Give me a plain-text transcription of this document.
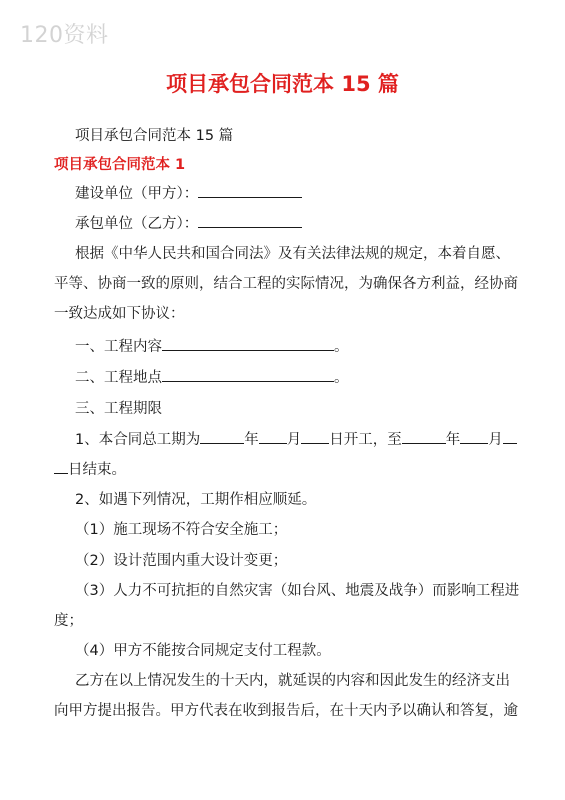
120资料
项目承包合同范本 15 篇
项目承包合同范本 15 篇
项目承包合同范本 1
建设单位（甲方）：
承包单位（乙方）：
根据《中华人民共和国合同法》及有关法律法规的规定，本着自愿、
平等、协商一致的原则，结合工程的实际情况，为确保各方利益，经协商
一致达成如下协议：
一、工程内容	。
二、工程地点	。
三、工程期限
1、本合同总工期为	年 月 日开工，至	年 月
日结束。
2、如遇下列情况，工期作相应顺延。
（1）施工现场不符合安全施工；
（2）设计范围内重大设计变更；
（3）人力不可抗拒的自然灾害（如台风、地震及战争）而影响工程进
度；
（4）甲方不能按合同规定支付工程款。
乙方在以上情况发生的十天内，就延误的内容和因此发生的经济支出
向甲方提出报告。甲方代表在收到报告后，在十天内予以确认和答复，逾
